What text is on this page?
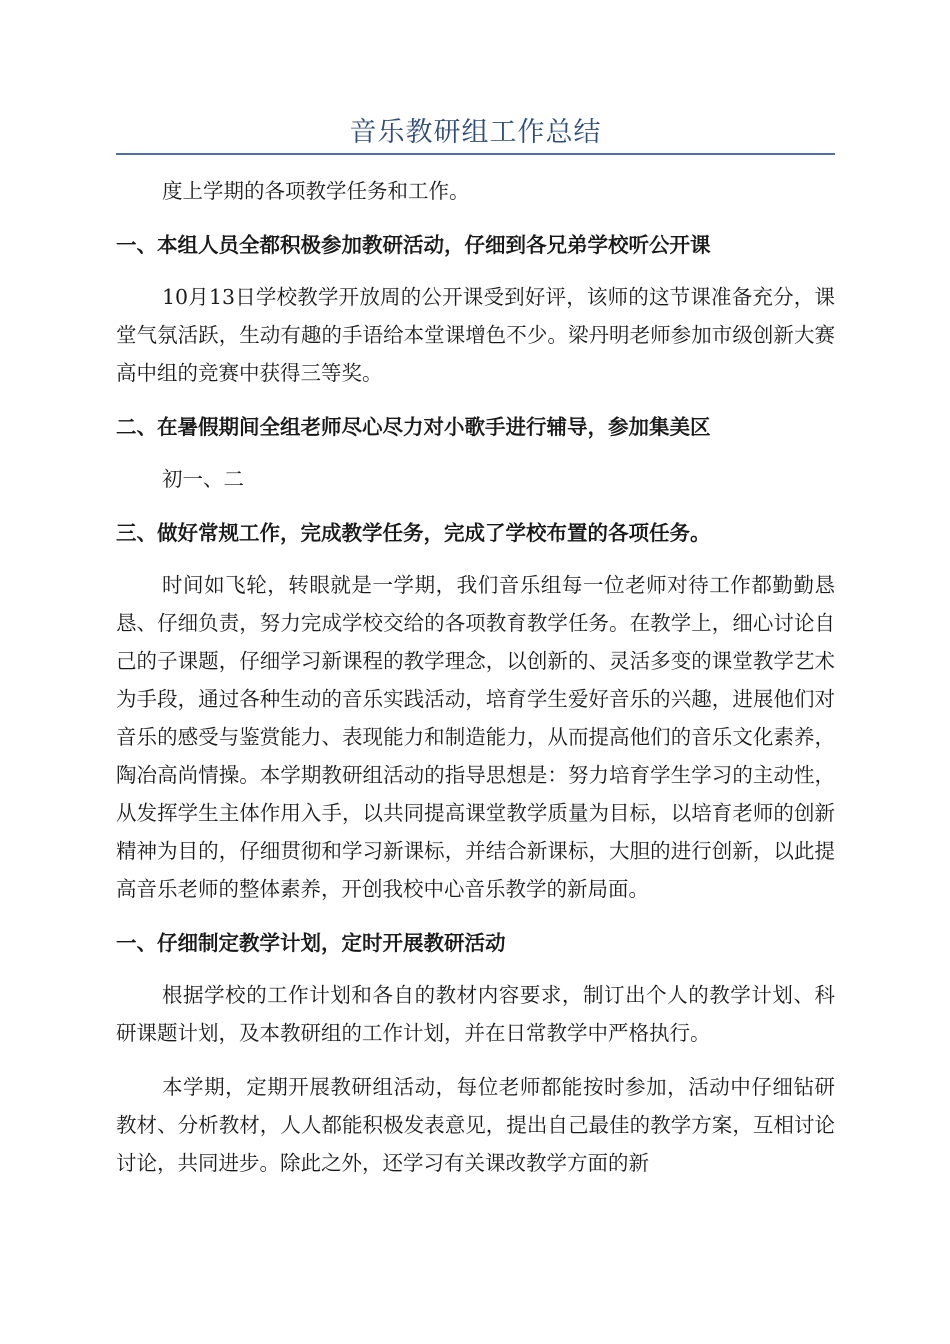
音乐教研组工作总结

度上学期的各项教学任务和工作。

一、本组人员全都积极参加教研活动，仔细到各兄弟学校听公开课

10月13日学校教学开放周的公开课受到好评，该师的这节课准备充分，课堂气氛活跃，生动有趣的手语给本堂课增色不少。梁丹明老师参加市级创新大赛高中组的竞赛中获得三等奖。

二、在暑假期间全组老师尽心尽力对小歌手进行辅导，参加集美区

初一、二

三、做好常规工作，完成教学任务，完成了学校布置的各项任务。

时间如飞轮，转眼就是一学期，我们音乐组每一位老师对待工作都勤勤恳恳、仔细负责，努力完成学校交给的各项教育教学任务。在教学上，细心讨论自己的子课题，仔细学习新课程的教学理念，以创新的、灵活多变的课堂教学艺术为手段，通过各种生动的音乐实践活动，培育学生爱好音乐的兴趣，进展他们对音乐的感受与鉴赏能力、表现能力和制造能力，从而提高他们的音乐文化素养，陶冶高尚情操。本学期教研组活动的指导思想是：努力培育学生学习的主动性，从发挥学生主体作用入手，以共同提高课堂教学质量为目标，以培育老师的创新精神为目的，仔细贯彻和学习新课标，并结合新课标，大胆的进行创新，以此提高音乐老师的整体素养，开创我校中心音乐教学的新局面。

一、仔细制定教学计划，定时开展教研活动

根据学校的工作计划和各自的教材内容要求，制订出个人的教学计划、科研课题计划，及本教研组的工作计划，并在日常教学中严格执行。

本学期，定期开展教研组活动，每位老师都能按时参加，活动中仔细钻研教材、分析教材，人人都能积极发表意见，提出自己最佳的教学方案，互相讨论讨论，共同进步。除此之外，还学习有关课改教学方面的新
